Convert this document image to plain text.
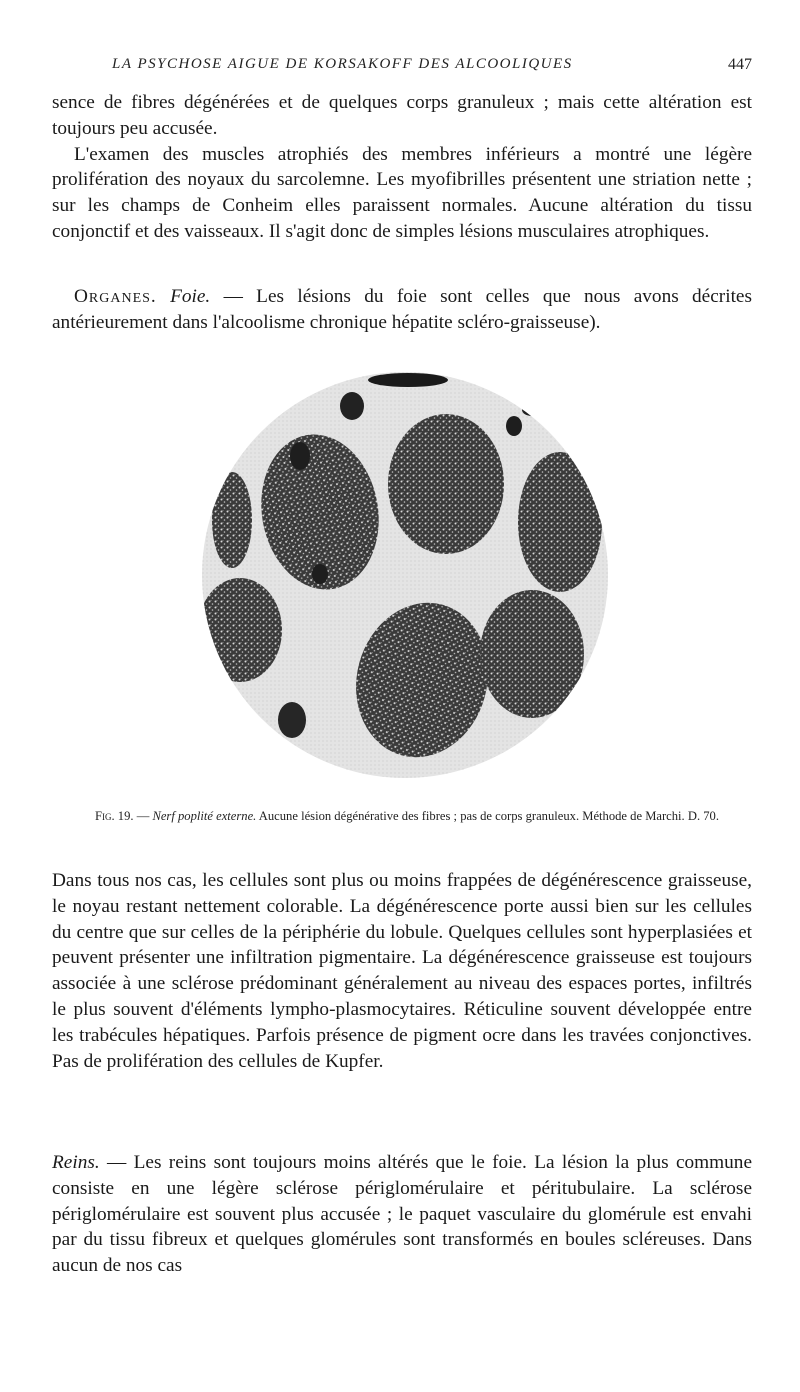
LA PSYCHOSE AIGUE DE KORSAKOFF DES ALCOOLIQUES	447

sence de fibres dégénérées et de quelques corps granuleux ; mais cette altération est toujours peu accusée.

L'examen des muscles atrophiés des membres inférieurs a montré une légère prolifération des noyaux du sarcolemne. Les myofibrilles présentent une striation nette ; sur les champs de Conheim elles paraissent normales. Aucune altération du tissu conjonctif et des vaisseaux. Il s'agit donc de simples lésions musculaires atrophiques.

Organes. Foie. — Les lésions du foie sont celles que nous avons décrites antérieurement dans l'alcoolisme chronique hépatite scléro-graisseuse).

Fig. 19. — Nerf poplité externe. Aucune lésion dégénérative des fibres ; pas de corps granuleux. Méthode de Marchi. D. 70.

Dans tous nos cas, les cellules sont plus ou moins frappées de dégénérescence graisseuse, le noyau restant nettement colorable. La dégénérescence porte aussi bien sur les cellules du centre que sur celles de la périphérie du lobule. Quelques cellules sont hyperplasiées et peuvent présenter une infiltration pigmentaire. La dégénérescence graisseuse est toujours associée à une sclérose prédominant généralement au niveau des espaces portes, infiltrés le plus souvent d'éléments lympho-plasmocytaires. Réticuline souvent développée entre les trabécules hépatiques. Parfois présence de pigment ocre dans les travées conjonctives. Pas de prolifération des cellules de Kupfer.

Reins. — Les reins sont toujours moins altérés que le foie. La lésion la plus commune consiste en une légère sclérose périglomérulaire et péritubulaire. La sclérose périglomérulaire est souvent plus accusée ; le paquet vasculaire du glomérule est envahi par du tissu fibreux et quelques glomérules sont transformés en boules scléreuses. Dans aucun de nos cas
